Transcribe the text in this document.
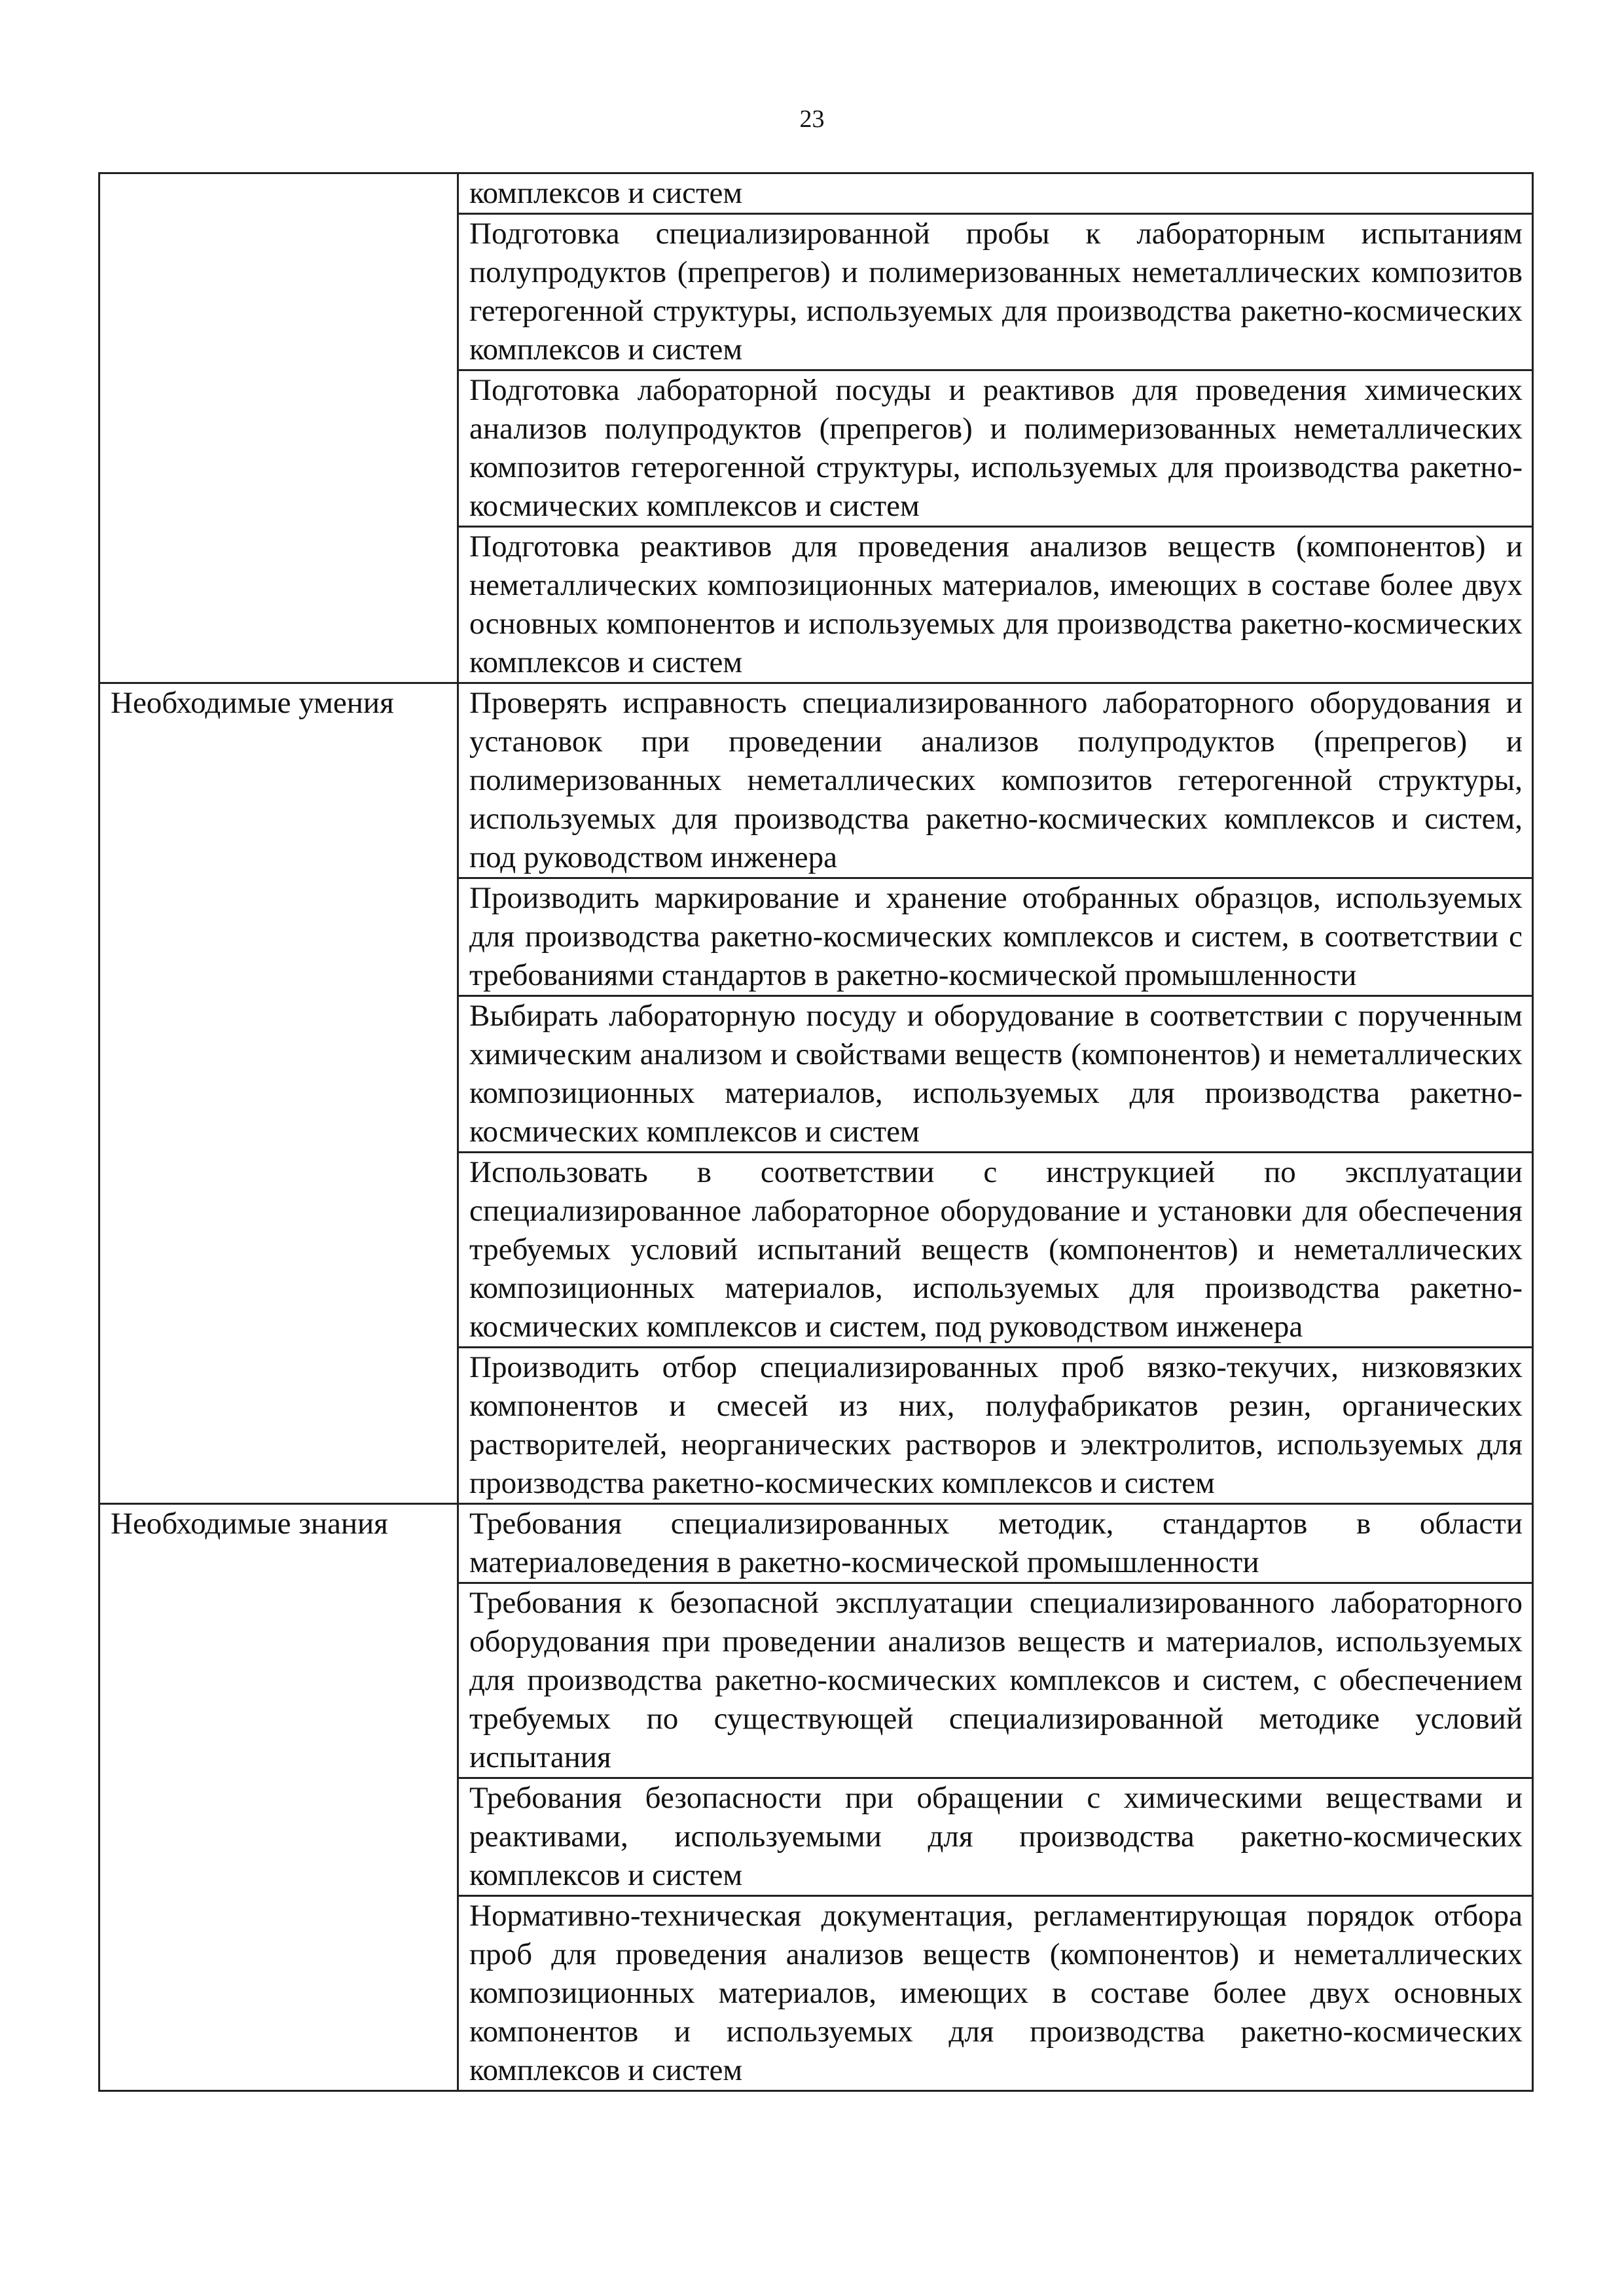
23
	комплексов и систем
	Подготовка специализированной пробы к лабораторным испытаниям полупродуктов (препрегов) и полимеризованных неметаллических композитов гетерогенной структуры, используемых для производства ракетно-космических комплексов и систем
	Подготовка лабораторной посуды и реактивов для проведения химических анализов полупродуктов (препрегов) и полимеризованных неметаллических композитов гетерогенной структуры, используемых для производства ракетно-космических комплексов и систем
	Подготовка реактивов для проведения анализов веществ (компонентов) и неметаллических композиционных материалов, имеющих в составе более двух основных компонентов и используемых для производства ракетно-космических комплексов и систем
Необходимые умения	Проверять исправность специализированного лабораторного оборудования и установок при проведении анализов полупродуктов (препрегов) и полимеризованных неметаллических композитов гетерогенной структуры, используемых для производства ракетно-космических комплексов и систем, под руководством инженера
	Производить маркирование и хранение отобранных образцов, используемых для производства ракетно-космических комплексов и систем, в соответствии с требованиями стандартов в ракетно-космической промышленности
	Выбирать лабораторную посуду и оборудование в соответствии с порученным химическим анализом и свойствами веществ (компонентов) и неметаллических композиционных материалов, используемых для производства ракетно-космических комплексов и систем
	Использовать в соответствии с инструкцией по эксплуатации специализированное лабораторное оборудование и установки для обеспечения требуемых условий испытаний веществ (компонентов) и неметаллических композиционных материалов, используемых для производства ракетно-космических комплексов и систем, под руководством инженера
	Производить отбор специализированных проб вязко-текучих, низковязких компонентов и смесей из них, полуфабрикатов резин, органических растворителей, неорганических растворов и электролитов, используемых для производства ракетно-космических комплексов и систем
Необходимые знания	Требования специализированных методик, стандартов в области материаловедения в ракетно-космической промышленности
	Требования к безопасной эксплуатации специализированного лабораторного оборудования при проведении анализов веществ и материалов, используемых для производства ракетно-космических комплексов и систем, с обеспечением требуемых по существующей специализированной методике условий испытания
	Требования безопасности при обращении с химическими веществами и реактивами, используемыми для производства ракетно-космических комплексов и систем
	Нормативно-техническая документация, регламентирующая порядок отбора проб для проведения анализов веществ (компонентов) и неметаллических композиционных материалов, имеющих в составе более двух основных компонентов и используемых для производства ракетно-космических комплексов и систем
